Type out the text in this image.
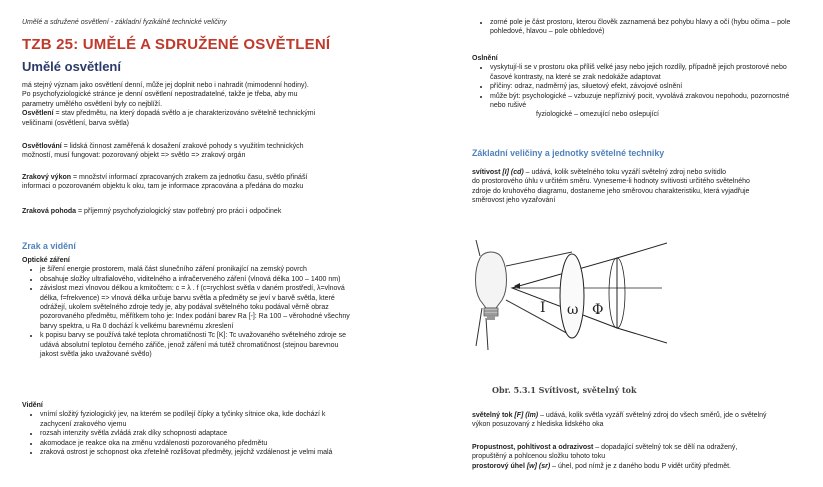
Umělé a sdružené osvětlení - základní fyzikálně technické veličiny
TZB 25: UMĚLÉ A SDRUŽENÉ OSVĚTLENÍ
Umělé osvětlení

má stejný význam jako osvětlení denní, může jej doplnit nebo i nahradit (mimodenní hodiny).

Po psychofyziologické stránce je denní osvětlení nepostradatelné, takže je třeba, aby mu

parametry umělého osvětlení byly co nejblíží.

Osvětlení = stav předmětu, na který dopadá světlo a je charakterizováno světelně technickými

veličinami (osvětlení, barva světla)

Osvětlování = lidská činnost zaměřená k dosažení zrakové pohody s využitím technických

možností, musí fungovat: pozorovaný objekt => světlo => zrakový orgán

Zrakový výkon = množství informací zpracovaných zrakem za jednotku času, světlo přináší

informaci o pozorovaném objektu k oku, tam je informace zpracována a předána do mozku

Zraková pohoda = příjemný psychofyziologický stav potřebný pro práci i odpočinek

Zrak a vidění
Optické záření
• je šíření energie prostorem, malá část slunečního záření pronikající na zemský povrch
• obsahuje složky ultrafialového, viditelného a infračerveného záření (vlnová délka 100 – 1400 nm)
• závislost mezi vlnovou délkou a kmitočtem: c = λ . f (c=rychlost světla v daném prostředí, λ=vlnová délka, f=frekvence) => vlnová délka určuje barvu světla a předměty se jeví v barvě světla, které odrážejí, ukolem světelného zdroje tedy je, aby podával světelného toku podával věrně obraz pozorovaného předmětu, měřítkem toho je: Index podání barev Ra [-]: Ra 100 – věrohodné všechny barvy spektra, u Ra 0 dochází k velkému barevnému zkreslení
• k popisu barvy se používá také teplota chromatičnosti Tc [K]: Tc uvažovaného světelného zdroje se udává absolutní teplotou černého zářiče, jenož záření má tutéž chromatičnost (stejnou barevnou jakost světla jako uvažované světlo)
Vidění
• vnímí složitý fyziologický jev, na kterém se podílejí čípky a tyčinky sítnice oka, kde dochází k zachycení zrakového vjemu
• rozsah intenzity světla zvládá zrak díky schopnosti adaptace
• akomodace je reakce oka na změnu vzdálenosti pozorovaného předmětu
• zraková ostrost je schopnost oka zřetelně rozlišovat předměty, jejichž vzdálenost je velmi malá
• zorné pole je část prostoru, kterou člověk zaznamená bez pohybu hlavy a očí (hybu očima – pole pohledové, hlavou – pole obhledové)
Oslnění
• vyskytují-li se v prostoru oka příliš velké jasy nebo jejich rozdíly, případně jejich prostorové nebo časové kontrasty, na které se zrak nedokáže adaptovat
• příčiny: odraz, nadměrný jas, siluetový efekt, závojové oslnění
• může být: psychologické – vzbuzuje nepříznivý pocit, vyvolává zrakovou nepohodu, pozornostné nebo rušivé

fyziologické – omezující nebo oslepující

Základní veličiny a jednotky světelné techniky

svítivost [I] (cd) – udává, kolik světelného toku vyzáří světelný zdroj nebo svítidlo

do prostorového úhlu v určitém směru. Vyneseme-li hodnoty svítivosti určitého světelného

zdroje do kruhového diagramu, dostaneme jeho směrovou charakteristiku, která vyjadřuje

směrovost jeho vyzařování

I ω Φ
Obr. 5.3.1 Svítivost, světelný tok

světelný tok [F] (lm) – udává, kolik světla vyzáří světelný zdroj do všech směrů, jde o světelný

výkon posuzovaný z hlediska lidského oka

Propustnost, pohltivost a odrazivost – dopadající světelný tok se dělí na odražený,

propuštěný a pohlcenou složku tohoto toku

prostorový úhel [w] (sr) – úhel, pod nímž je z daného bodu P vidět určitý předmět.
